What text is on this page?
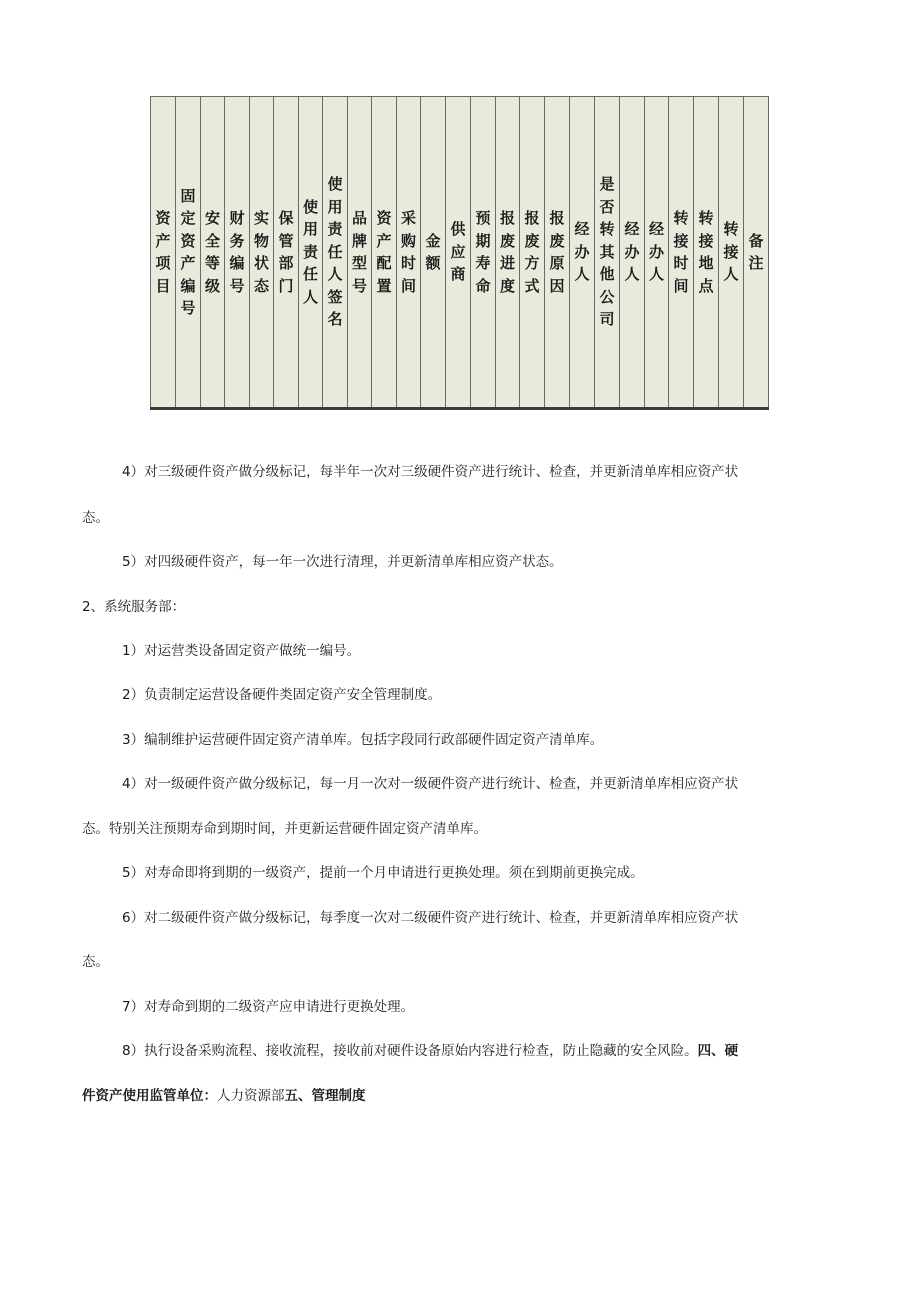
资产项目	固定资产编号	安全等级	财务编号	实物状态	保管部门	使用责任人	使用责任人签名	品牌型号	资产配置	采购时间	金额	供应商	预期寿命	报废进度	报废方式	报废原因	经办人	是否转其他公司	经办人	经办人	转接时间	转接地点	转接人	备注

4）对三级硬件资产做分级标记，每半年一次对三级硬件资产进行统计、检查，并更新清单库相应资产状

态。

5）对四级硬件资产，每一年一次进行清理，并更新清单库相应资产状态。

2、系统服务部：

1）对运营类设备固定资产做统一编号。

2）负责制定运营设备硬件类固定资产安全管理制度。

3）编制维护运营硬件固定资产清单库。包括字段同行政部硬件固定资产清单库。

4）对一级硬件资产做分级标记，每一月一次对一级硬件资产进行统计、检查，并更新清单库相应资产状

态。特别关注预期寿命到期时间，并更新运营硬件固定资产清单库。

5）对寿命即将到期的一级资产，提前一个月申请进行更换处理。须在到期前更换完成。

6）对二级硬件资产做分级标记，每季度一次对二级硬件资产进行统计、检查，并更新清单库相应资产状

态。

7）对寿命到期的二级资产应申请进行更换处理。

8）执行设备采购流程、接收流程，接收前对硬件设备原始内容进行检查，防止隐藏的安全风险。四、硬

件资产使用监管单位：人力资源部五、管理制度
